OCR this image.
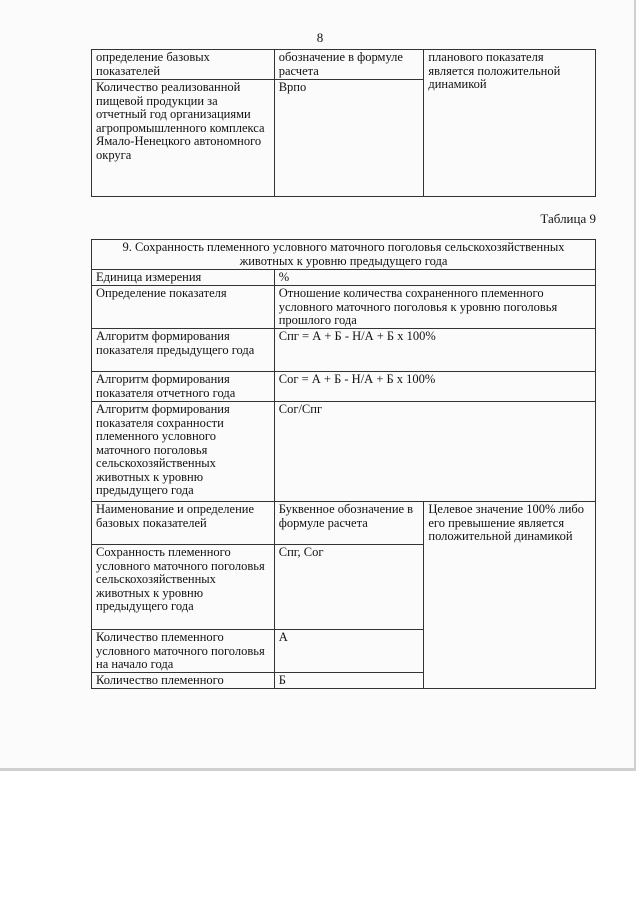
8
определение базовых показателей	обозначение в формуле расчета	планового показателя является положительной динамикой
Количество реализованной пищевой продукции за отчетный год организациями агропромышленного комплекса Ямало-Ненецкого автономного округа	Врпо	
Таблица 9
9. Сохранность племенного условного маточного поголовья сельскохозяйственных животных к уровню предыдущего года		
Единица измерения	%	
Определение показателя	Отношение количества сохраненного племенного условного маточного поголовья к уровню поголовья прошлого года	
Алгоритм формирования показателя предыдущего года	Спг = А + Б - Н/А + Б х 100%	
Алгоритм формирования показателя отчетного года	Сог = А + Б - Н/А + Б х 100%	
Алгоритм формирования показателя сохранности племенного условного маточного поголовья сельскохозяйственных животных к уровню предыдущего года	Сог/Спг	
Наименование и определение базовых показателей	Буквенное обозначение в формуле расчета	Целевое значение 100% либо его превышение является положительной динамикой
Сохранность племенного условного маточного поголовья сельскохозяйственных животных к уровню предыдущего года	Спг, Сог	
Количество племенного условного маточного поголовья на начало года	А	
Количество племенного	Б	
